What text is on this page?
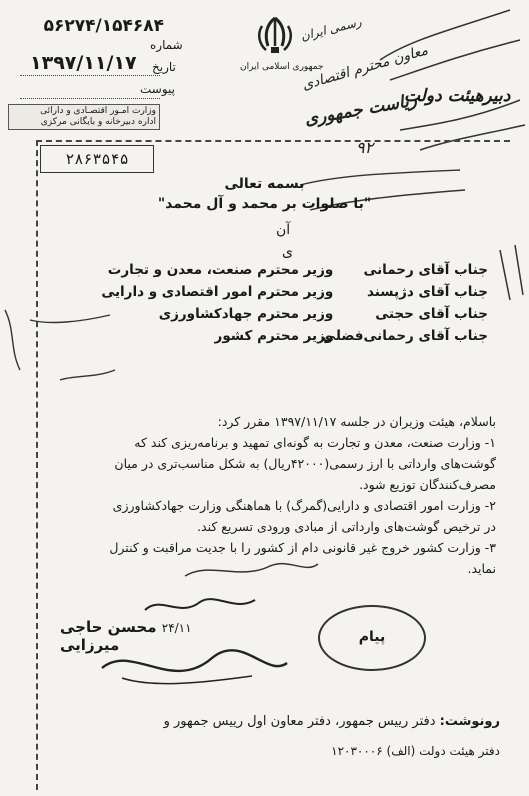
۵۶۲۷۴/۱۵۴۶۸۴
شماره
۱۳۹۷/۱۱/۱۷ تاریخ
پیوست
وزارت امـور اقتصـادی و دارائی
اداره دبیرخانه و بایگانی مرکزی
جمهوری اسلامی ایران
رسمی ایران
معاون محترم اقتصادی
ریاست جمهوری
دبیرهیئت دولت
۹۲
۲۸۶۳۵۴۵
بسمه تعالی
"با صلوات بر محمد و آل محمد"
آن
ی
جناب آقای رحمانی وزیر محترم صنعت، معدن و تجارت
جناب آقای دژپسند وزیر محترم امور اقتصادی و دارایی
جناب آقای حجتی وزیر محترم جهادکشاورزی
جناب آقای رحمانی‌فضلی وزیر محترم کشور

باسلام، هیئت وزیران در جلسه ۱۳۹۷/۱۱/۱۷ مقرر کرد:

۱- وزارت صنعت، معدن و تجارت به گونه‌ای تمهید و برنامه‌ریزی کند که

گوشت‌های وارداتی با ارز رسمی(۴۲۰۰۰ریال) به شکل مناسب‌تری در میان

مصرف‌کنندگان توزیع شود.

۲- وزارت امور اقتصادی و دارایی(گمرگ) با هماهنگی وزارت جهادکشاورزی

در ترخیص گوشت‌های وارداتی از مبادی ورودی تسریع کند.

۳- وزارت کشور خروج غیر قانونی دام از کشور را با جدیت مراقبت و کنترل

نماید.

۲۴/۱۱ محسن حاجی میرزایی	پیام
رونوشت: دفتر رییس جمهور، دفتر معاون اول رییس جمهور و
دفتر هیئت دولت (الف) ۱۲۰۳۰۰۰۶
